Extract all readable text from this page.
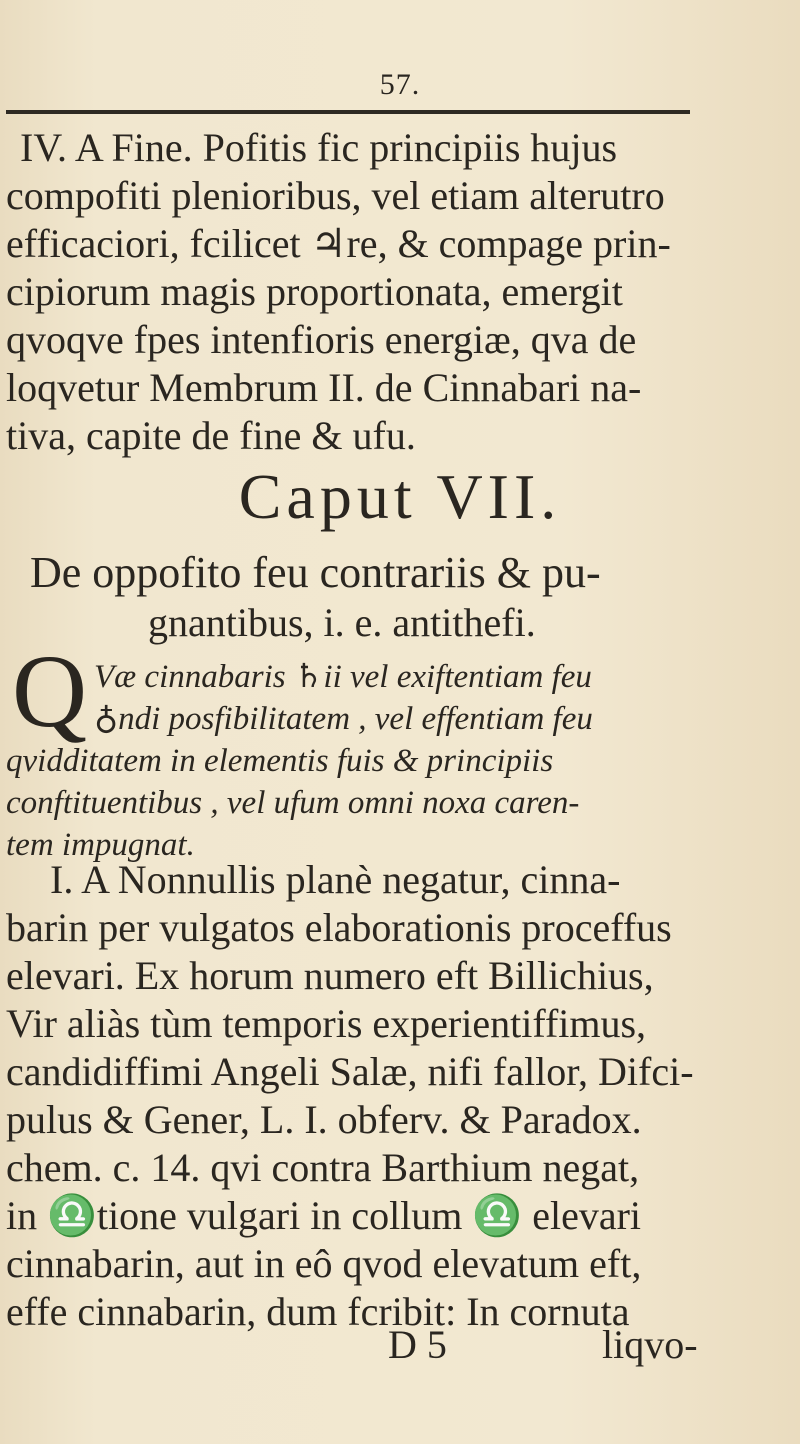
57.
IV. A Fine. Pofitis fic principiis hujus
compofiti plenioribus, vel etiam alterutro
efficaciori, fcilicet ♃re, & compage prin-
cipiorum magis proportionata, emergit
qvoqve fpes intenfioris energiæ, qva de
loqvetur Membrum II. de Cinnabari na-
tiva, capite de fine & ufu.
Caput VII.
De oppofito feu contrariis & pu-
gnantibus, i. e. antithefi.
Q Væ cinnabaris ♄ii vel exiftentiam feu
♁ndi posfibilitatem , vel effentiam feu
qvidditatem in elementis fuis & principiis
conftituentibus , vel ufum omni noxa caren-
tem impugnat.
I. A Nonnullis planè negatur, cinna-
barin per vulgatos elaborationis proceffus
elevari. Ex horum numero eft Billichius,
Vir aliàs tùm temporis experientiffimus,
candidiffimi Angeli Salæ, nifi fallor, Difci-
pulus & Gener, L. I. obferv. & Paradox.
chem. c. 14. qvi contra Barthium negat,
in ♎tione vulgari in collum ♎ elevari
cinnabarin, aut in eô qvod elevatum eft,
effe cinnabarin, dum fcribit: In cornuta
D 5	liqvo-
